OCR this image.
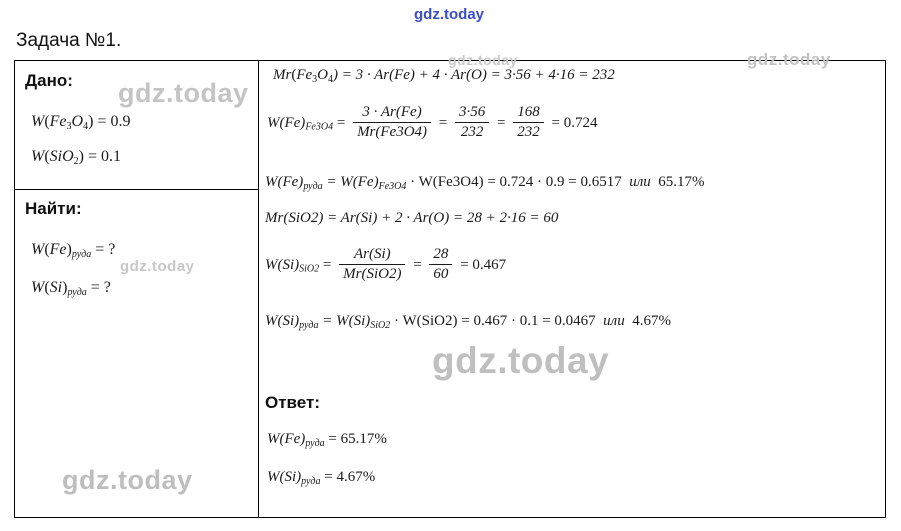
gdz.today
Задача №1.
Дано:
Найти:
W(Fe3O4) = 0.9
W(SiO2) = 0.1
$W(Fe)_{руда}$ = ?
$W(Si)_{руда}$ = ?
Mr(Fe3O4) = 3 · Ar(Fe) + 4 · Ar(O) = 3·56 + 4·16 = 232
$W(Fe)_{Fe3O4} = \frac{3 \cdot Ar(Fe)}{Mr(Fe3O4)} = \frac{3\cdot 56}{232} = \frac{168}{232} = 0.724$
$W(Fe)_{руда} = W(Fe)_{Fe3O4} \cdot W(Fe3O4) = 0.724 \cdot 0.9 = 0.6517$ или 65.17%
Mr(SiO2) = Ar(Si) + 2 · Ar(O) = 28 + 2·16 = 60
$W(Si)_{SiO2} = \frac{Ar(Si)}{\text{Mr(SiO2)}} = \frac{28}{60} = 0.467$
$W(Si)_{руда} = W(Si)_{SiO2} \cdot W(SiO2) = 0.467 \cdot 0.1 = 0.0467$ или 4.67%
Ответ:
$W(Fe)_{руда} = 65.17\%$
$W(Si)_{руда} = 4.67\%$
gdz.today
gdz.today	gdz.today
gdz.today
gdz.today
gdz.today
